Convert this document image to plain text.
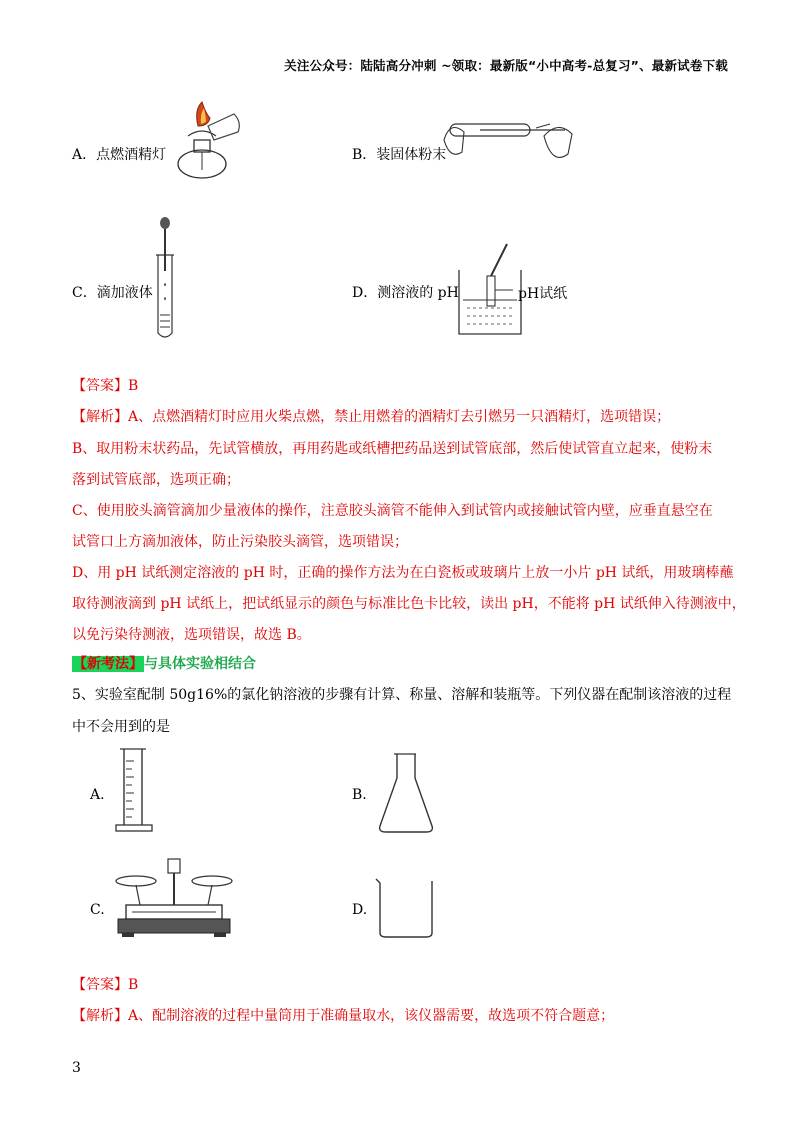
关注公众号：陆陆高分冲刺 ~领取：最新版“小中高考-总复习”、最新试卷下载
A．点燃酒精灯	B．装固体粉末
C．滴加液体	D．测溶液的 pH	pH试纸
【答案】B
【解析】A、点燃酒精灯时应用火柴点燃，禁止用燃着的酒精灯去引燃另一只酒精灯，选项错误；
B、取用粉末状药品，先试管横放，再用药匙或纸槽把药品送到试管底部，然后使试管直立起来，使粉末
落到试管底部，选项正确；
C、使用胶头滴管滴加少量液体的操作，注意胶头滴管不能伸入到试管内或接触试管内壁，应垂直悬空在
试管口上方滴加液体，防止污染胶头滴管，选项错误；
D、用 pH 试纸测定溶液的 pH 时，正确的操作方法为在白瓷板或玻璃片上放一小片 pH 试纸，用玻璃棒蘸
取待测液滴到 pH 试纸上，把试纸显示的颜色与标准比色卡比较，读出 pH，不能将 pH 试纸伸入待测液中，
以免污染待测液，选项错误，故选 B。
【新考法】与具体实验相结合
5、实验室配制 50g16%的氯化钠溶液的步骤有计算、称量、溶解和装瓶等。下列仪器在配制该溶液的过程
中不会用到的是
A.	B.
C.	D.
【答案】B
【解析】A、配制溶液的过程中量筒用于准确量取水，该仪器需要，故选项不符合题意；
3
